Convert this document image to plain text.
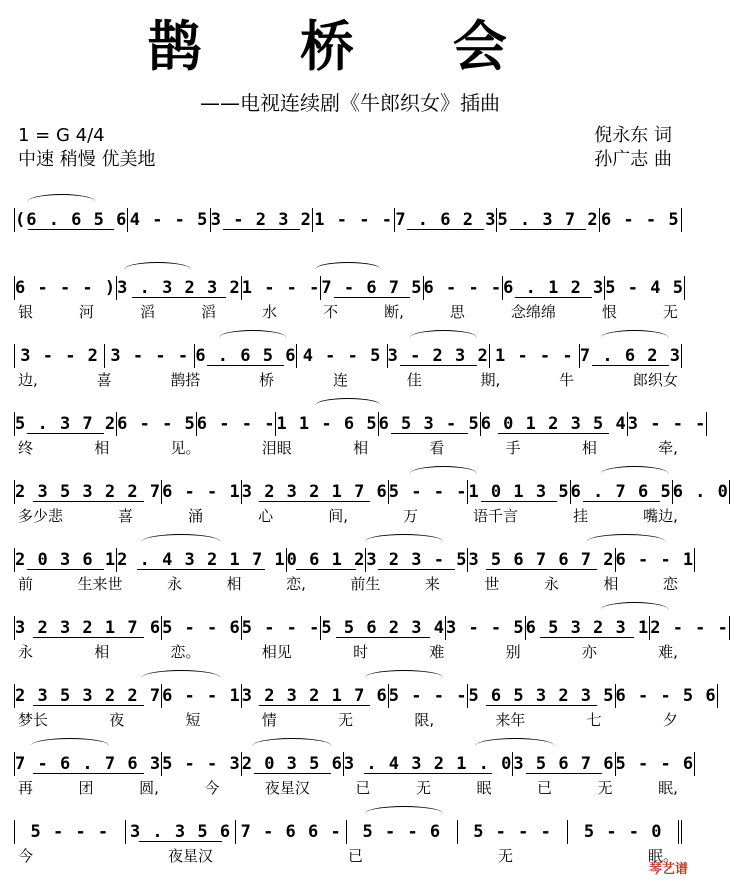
鹊 桥 会
——电视连续剧《牛郎织女》插曲
1 = G 4/4
中速 稍慢 优美地
倪永东 词
孙广志 曲
(6 . 6 5 6 4 - - 5 3 - 2 3 2 1 - - - 7 . 6 2 3 5 . 3 7 2 6 - - 5
6 - - - ) 3 . 3 2 3 2 1 - - - 7 - 6 7 5 6 - - - 6 . 1 2 3 5 - 4 5
银	河	滔	滔	水	不	断,	思	念绵绵	恨	无
3 - - 2 3 - - - 6 . 6 5 6 4 - - 5 3 - 2 3 2 1 - - - 7 . 6 2 3
边,	喜	鹊搭	桥	连	佳	期,	牛	郎织女
5 . 3 7 2 6 - - 5 6 - - - 1 1 - 6 5 6 5 3 - 5 6 0 1 2 3 5 4 3 - - -
终	相	见。	泪眼	相	看	手	相	牵,
2 3 5 3 2 2 7 6 - - 1 3 2 3 2 1 7 6 5 - - - 1 0 1 3 5 6 . 7 6 5 6 . 0
多少悲	喜	涌	心	间,	万	语千言	挂	嘴边,
2 0 3 6 1 2 . 4 3 2 1 7 1 0 6 1 2 3 2 3 - 5 3 5 6 7 6 7 2 6 - - 1
前	生来世	永	相	恋,	前生	来	世	永	相	恋
3 2 3 2 1 7 6 5 - - 6 5 - - - 5 5 6 2 3 4 3 - - 5 6 5 3 2 3 1 2 - - -
永	相	恋。	相见	时	难	别	亦	难,
2 3 5 3 2 2 7 6 - - 1 3 2 3 2 1 7 6 5 - - - 5 6 5 3 2 3 5 6 - - 5 6
梦长	夜	短	情	无	限,	来年	七	夕
7 - 6 . 7 6 3 5 - - 3 2 0 3 5 6 3 . 4 3 2 1 . 0 3 5 6 7 6 5 - - 6
再	团	圆,	今	夜星汉	已	无	眠	已	无	眠,
5 - - -	3 . 3 5 6 7 - 6 6 -	5 - - 6	5 - - -	5 - - 0
今	夜星汉	已	无	眠。
琴艺谱
